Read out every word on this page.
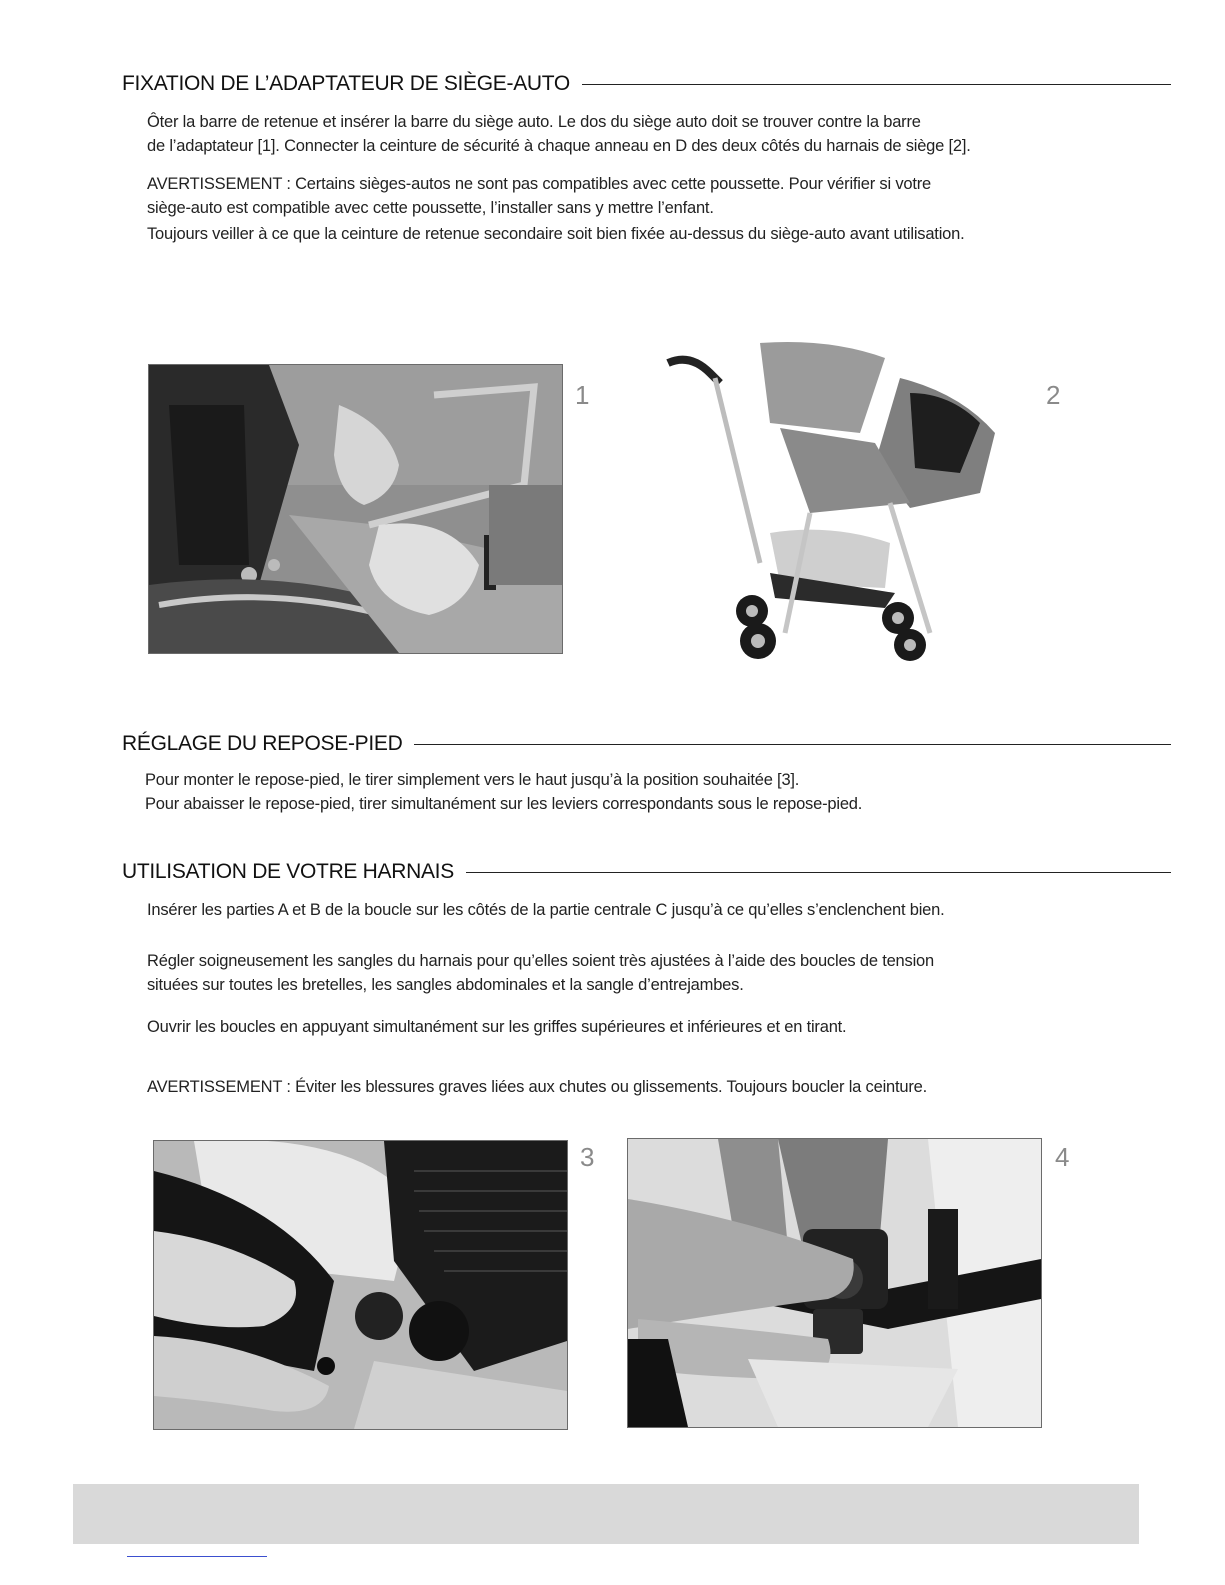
FIXATION DE L’ADAPTATEUR DE SIÈGE-AUTO

Ôter la barre de retenue et insérer la barre du siège auto. Le dos du siège auto doit se trouver contre la barre
de l’adaptateur [1]. Connecter la ceinture de sécurité à chaque anneau en D des deux côtés du harnais de siège [2].

AVERTISSEMENT : Certains sièges-autos ne sont pas compatibles avec cette poussette. Pour vérifier si votre
siège-auto est compatible avec cette poussette, l’installer sans y mettre l’enfant.
Toujours veiller à ce que la ceinture de retenue secondaire soit bien fixée au-dessus du siège-auto avant utilisation.

1	2
RÉGLAGE DU REPOSE-PIED

Pour monter le repose-pied, le tirer simplement vers le haut jusqu’à la position souhaitée [3].
Pour abaisser le repose-pied, tirer simultanément sur les leviers correspondants sous le repose-pied.

UTILISATION DE VOTRE HARNAIS

Insérer les parties A et B de la boucle sur les côtés de la partie centrale C jusqu’à ce qu’elles s’enclenchent bien.

Régler soigneusement les sangles du harnais pour qu’elles soient très ajustées à l’aide des boucles de tension
situées sur toutes les bretelles, les sangles abdominales et la sangle d’entrejambes.

Ouvrir les boucles en appuyant simultanément sur les griffes supérieures et inférieures et en tirant.

AVERTISSEMENT : Éviter les blessures graves liées aux chutes ou glissements. Toujours boucler la ceinture.

3	4
